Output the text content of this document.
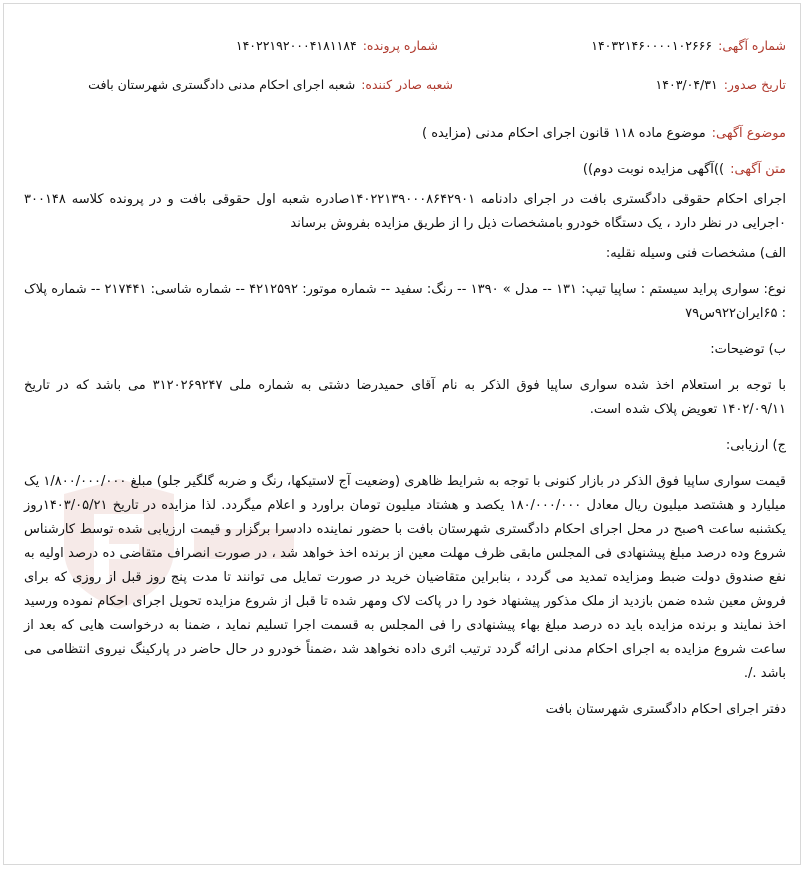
شماره آگهی:۱۴۰۳۲۱۴۶۰۰۰۰۱۰۲۶۶۶
شماره پرونده:۱۴۰۲۲۱۹۲۰۰۰۴۱۸۱۱۸۴
تاریخ صدور:۱۴۰۳/۰۴/۳۱
شعبه صادر کننده:شعبه اجرای احکام مدنی دادگستری شهرستان بافت

موضوع آگهی:موضوع ماده ۱۱۸ قانون اجرای احکام مدنی (مزایده )

متن آگهی:))آگهی مزایده نوبت دوم))

اجرای احکام حقوقی دادگستری بافت در اجرای دادنامه ۱۴۰۲۲۱۳۹۰۰۰۸۶۴۲۹۰۱صادره شعبه اول حقوقی بافت و در پرونده کلاسه ۳۰۰۱۴۸ ۰اجرایی در نظر دارد ، یک دستگاه خودرو بامشخصات ذیل را از طریق مزایده بفروش برساند

الف) مشخصات فنی وسیله نقلیه:

نوع: سواری پراید سیستم : ساپیا تیپ: ۱۳۱ -- مدل » ۱۳۹۰ -- رنگ: سفید -- شماره موتور: ۴۲۱۲۵۹۲ -- شماره شاسی: ۲۱۷۴۴۱ -- شماره پلاک : ۶۵ایران۹۲۲س۷۹

ب) توضیحات:

با توجه بر استعلام اخذ شده سواری ساپیا فوق الذکر به نام آقای حمیدرضا دشتی به شماره ملی ۳۱۲۰۲۶۹۲۴۷ می باشد که در تاریخ ۱۴۰۲/۰۹/۱۱ تعویض پلاک شده است.

ج) ارزیابی:

قیمت سواری ساپیا فوق الذکر در بازار کنونی با توجه به شرایط ظاهری (وضعیت آج لاستیکها، رنگ و ضربه گلگیر جلو) مبلغ ۱/۸۰۰/۰۰۰/۰۰۰ یک میلیارد و هشتصد میلیون ریال معادل ۱۸۰/۰۰۰/۰۰۰ یکصد و هشتاد میلیون تومان براورد و اعلام میگردد. لذا مزایده در تاریخ ۱۴۰۳/۰۵/۲۱روز یکشنبه ساعت ۹صبح در محل اجرای احکام دادگستری شهرستان بافت با حضور نماینده دادسرا برگزار و قیمت ارزیابی شده توسط کارشناس شروع وده درصد مبلغ پیشنهادی فی المجلس مابقی ظرف مهلت معین از برنده اخذ خواهد شد ، در صورت انصراف متقاضی ده درصد اولیه به نفع صندوق دولت ضبط ومزایده تمدید می گردد ، بنابراین متقاضیان خرید در صورت تمایل می توانند تا مدت پنج روز قبل از روزی که برای فروش معین شده ضمن بازدید از ملک مذکور پیشنهاد خود را در پاکت لاک ومهر شده تا قبل از شروع مزایده تحویل اجرای احکام نموده ورسید اخذ نمایند و برنده مزایده باید ده درصد مبلغ بهاء پیشنهادی را فی المجلس به قسمت اجرا تسلیم نماید ، ضمنا به درخواست هایی که بعد از ساعت شروع مزایده به اجرای احکام مدنی ارائه گردد ترتیب اثری داده نخواهد شد ،ضمناً خودرو در حال حاضر در پارکینگ نیروی انتظامی می باشد ./.

دفتر اجرای احکام دادگستری شهرستان بافت
